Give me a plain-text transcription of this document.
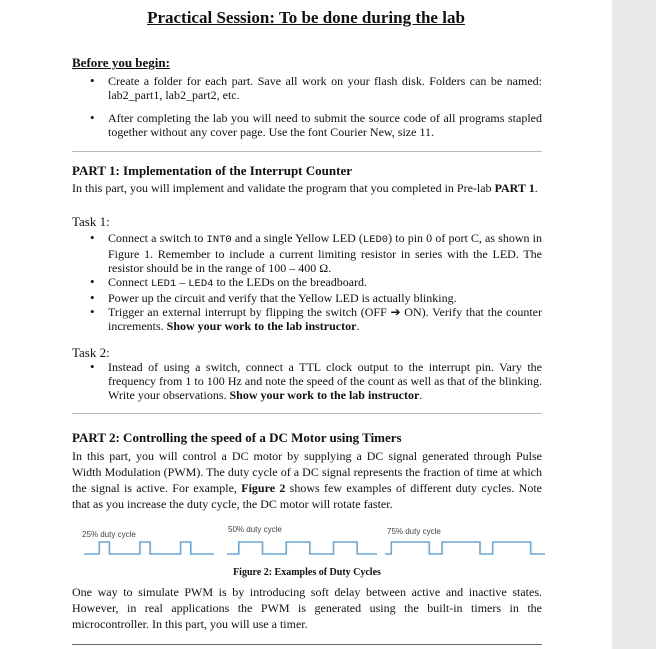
Practical Session: To be done during the lab
Before you begin:
• Create a folder for each part. Save all work on your flash disk. Folders can be named: lab2_part1, lab2_part2, etc.
• After completing the lab you will need to submit the source code of all programs stapled together without any cover page. Use the font Courier New, size 11.
PART 1: Implementation of the Interrupt Counter
In this part, you will implement and validate the program that you completed in Pre-lab PART 1.
Task 1:
• Connect a switch to INT0 and a single Yellow LED (LED0) to pin 0 of port C, as shown in Figure 1. Remember to include a current limiting resistor in series with the LED. The resistor should be in the range of 100 – 400 Ω.
• Connect LED1 – LED4 to the LEDs on the breadboard.
• Power up the circuit and verify that the Yellow LED is actually blinking.
• Trigger an external interrupt by flipping the switch (OFF ➔ ON). Verify that the counter increments. Show your work to the lab instructor.
Task 2:
• Instead of using a switch, connect a TTL clock output to the interrupt pin. Vary the frequency from 1 to 100 Hz and note the speed of the count as well as that of the blinking. Write your observations. Show your work to the lab instructor.
PART 2: Controlling the speed of a DC Motor using Timers
In this part, you will control a DC motor by supplying a DC signal generated through Pulse Width Modulation (PWM). The duty cycle of a DC signal represents the fraction of time at which the signal is active. For example, Figure 2 shows few examples of different duty cycles. Note that as you increase the duty cycle, the DC motor will rotate faster.
25% duty cycle
50% duty cycle	75% duty cycle
Figure 2: Examples of Duty Cycles
One way to simulate PWM is by introducing soft delay between active and inactive states. However, in real applications the PWM is generated using the built-in timers in the microcontroller. In this part, you will use a timer.
